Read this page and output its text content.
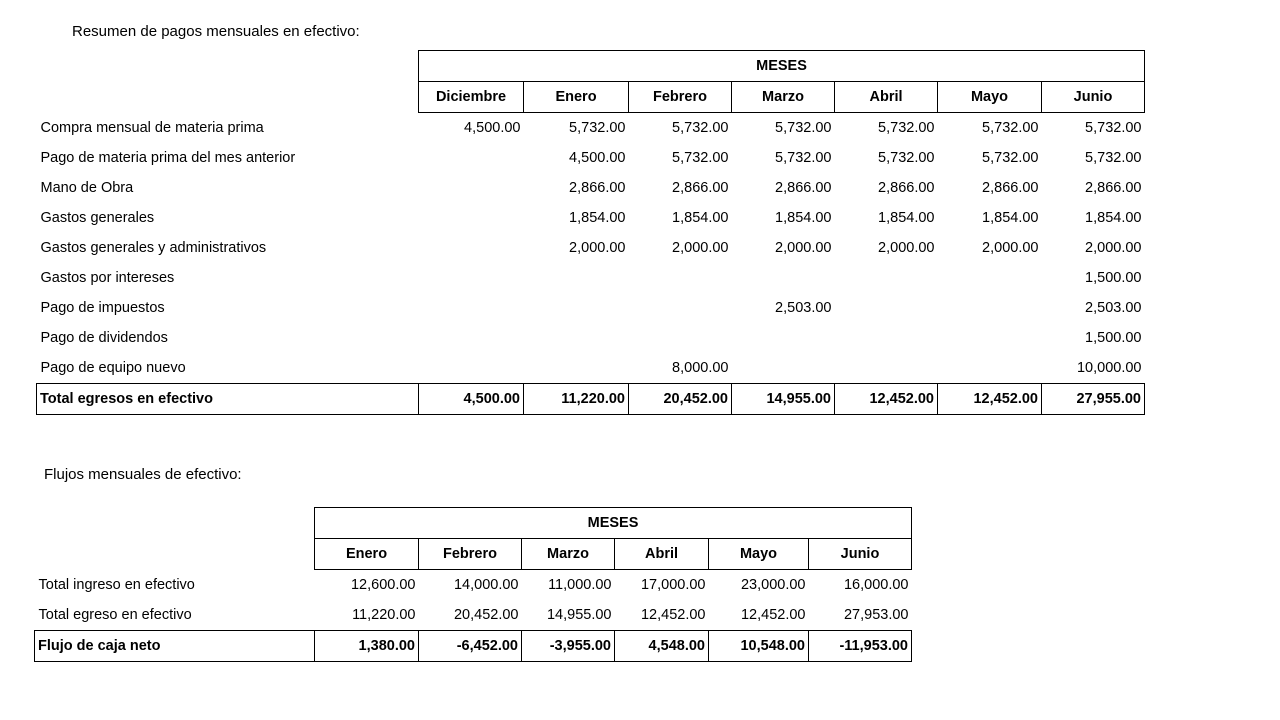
Resumen de pagos mensuales en efectivo:
	MESES						
	Diciembre	Enero	Febrero	Marzo	Abril	Mayo	Junio
Compra mensual de materia prima	4,500.00	5,732.00	5,732.00	5,732.00	5,732.00	5,732.00	5,732.00
Pago de materia prima del mes anterior		4,500.00	5,732.00	5,732.00	5,732.00	5,732.00	5,732.00
Mano de Obra		2,866.00	2,866.00	2,866.00	2,866.00	2,866.00	2,866.00
Gastos generales		1,854.00	1,854.00	1,854.00	1,854.00	1,854.00	1,854.00
Gastos generales y administrativos		2,000.00	2,000.00	2,000.00	2,000.00	2,000.00	2,000.00
Gastos por intereses							1,500.00
Pago de impuestos				2,503.00			2,503.00
Pago de dividendos							1,500.00
Pago de equipo nuevo			8,000.00				10,000.00
Total egresos en efectivo	4,500.00	11,220.00	20,452.00	14,955.00	12,452.00	12,452.00	27,955.00
Flujos mensuales de efectivo:
	MESES					
	Enero	Febrero	Marzo	Abril	Mayo	Junio
Total ingreso en efectivo	12,600.00	14,000.00	11,000.00	17,000.00	23,000.00	16,000.00
Total egreso en efectivo	11,220.00	20,452.00	14,955.00	12,452.00	12,452.00	27,953.00
Flujo de caja neto	1,380.00	-6,452.00	-3,955.00	4,548.00	10,548.00	-11,953.00
